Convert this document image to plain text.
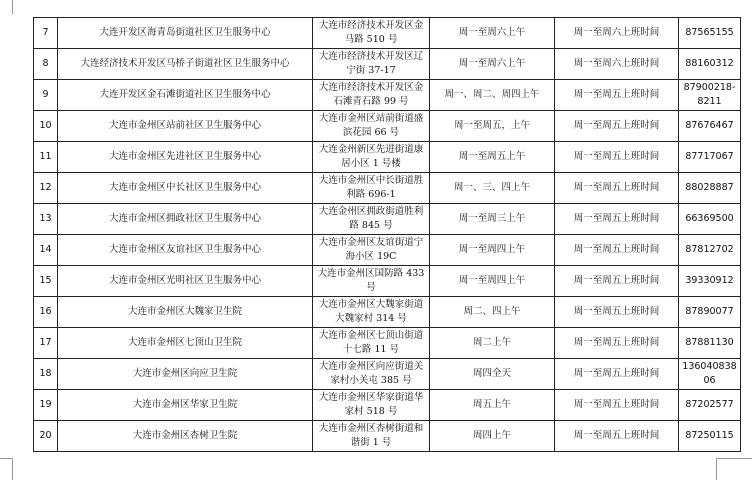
7	大连开发区海青岛街道社区卫生服务中心	大连市经济技术开发区金马路 510 号	周一至周六上午	周一至周六上班时间	87565155
8	大连经济技术开发区马桥子街道社区卫生服务中心	大连市经济技术开发区辽宁街 37-17	周一至周六上午	周一至周六上班时间	88160312
9	大连开发区金石滩街道社区卫生服务中心	大连市经济技术开发区金石滩青石路 99 号	周一、周二、周四上午	周一至周五上班时间	87900218-8211
10	大连市金州区站前社区卫生服务中心	大连市金州区站前街道盛滨花园 66 号	周一至周五，上午	周一至周五上班时间	87676467
11	大连市金州区先进社区卫生服务中心	大连金州新区先进街道康居小区 1 号楼	周一至周五上午	周一至周五上班时间	87717067
12	大连市金州区中长社区卫生服务中心	大连市金州区中长街道胜利路 696-1	周一、三、四上午	周一至周五上班时间	88028887
13	大连市金州区拥政社区卫生服务中心	大连金州区拥政街道胜利路 845 号	周一至周三上午	周一至周五上班时间	66369500
14	大连市金州区友谊社区卫生服务中心	大连市金州区友谊街道宁海小区 19C	周一至周四上午	周一至周五上班时间	87812702
15	大连市金州区光明社区卫生服务中心	大连市金州区国防路 433 号	周一至周四上午	周一至周五上班时间	39330912
16	大连市金州区大魏家卫生院	大连市金州区大魏家街道大魏家村 314 号	周二、四上午	周一至周五上班时间	87890077
17	大连市金州区七顶山卫生院	大连市金州区七顶山街道十七路 11 号	周二上午	周一至周五上班时间	87881130
18	大连市金州区向应卫生院	大连市金州区向应街道关家村小关屯 385 号	周四全天	周一至周五上班时间	13604083806
19	大连市金州区华家卫生院	大连市金州区华家街道华家村 518 号	周五上午	周一至周五上班时间	87202577
20	大连市金州区杏树卫生院	大连市金州区杏树街道和谐街 1 号	周四上午	周一至周五上班时间	87250115
